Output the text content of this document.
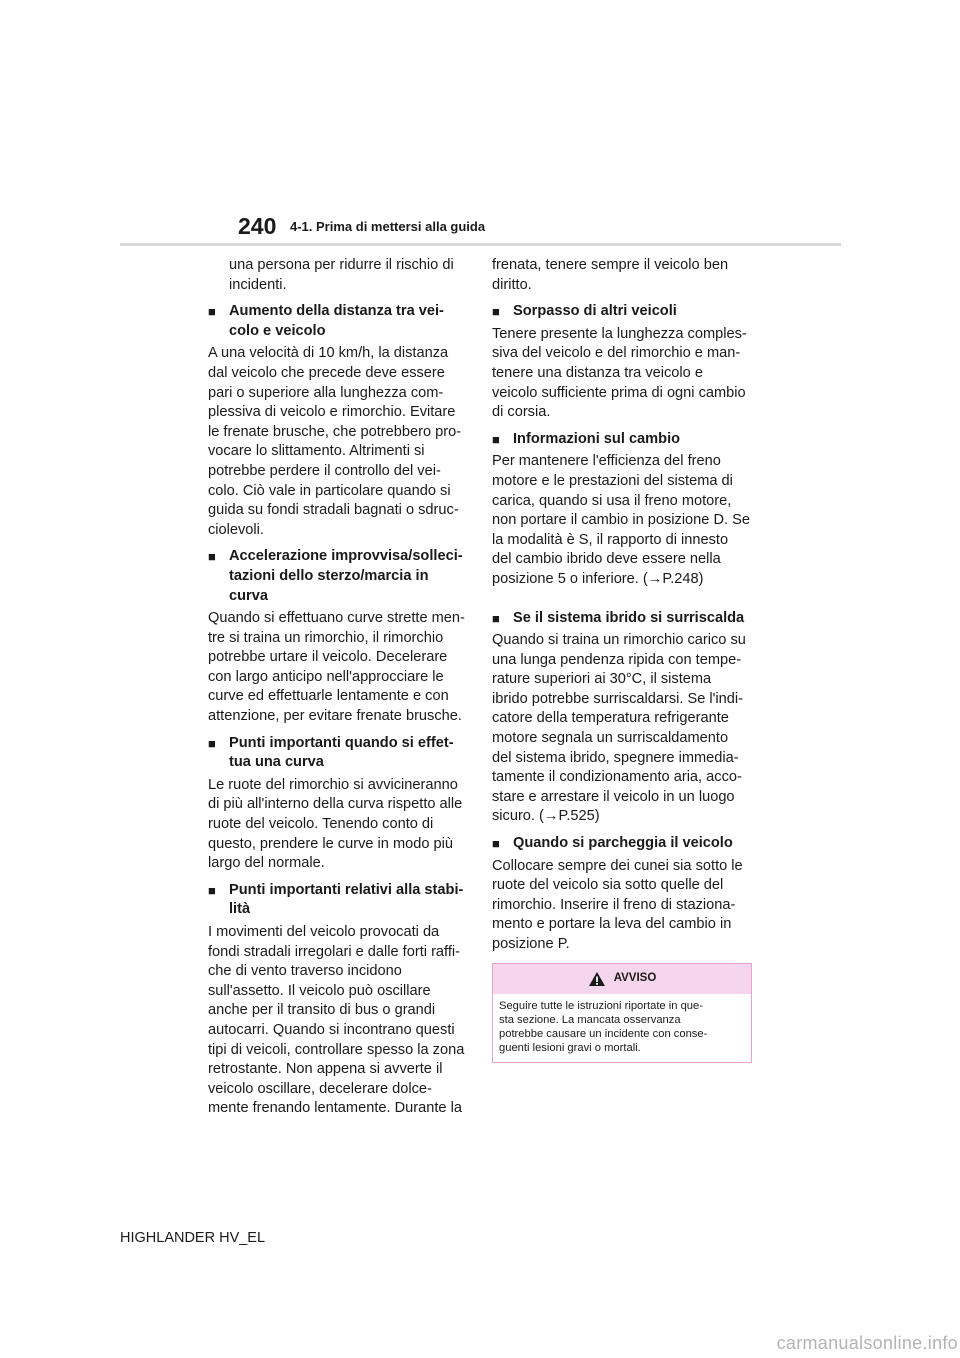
240 4-1. Prima di mettersi alla guida

una persona per ridurre il rischio di
incidenti.

■ Aumento della distanza tra vei-
colo e veicolo

A una velocità di 10 km/h, la distanza
dal veicolo che precede deve essere
pari o superiore alla lunghezza com-
plessiva di veicolo e rimorchio. Evitare
le frenate brusche, che potrebbero pro-
vocare lo slittamento. Altrimenti si
potrebbe perdere il controllo del vei-
colo. Ciò vale in particolare quando si
guida su fondi stradali bagnati o sdruc-
ciolevoli.

■ Accelerazione improvvisa/solleci-
tazioni dello sterzo/marcia in
curva

Quando si effettuano curve strette men-
tre si traina un rimorchio, il rimorchio
potrebbe urtare il veicolo. Decelerare
con largo anticipo nell'approcciare le
curve ed effettuarle lentamente e con
attenzione, per evitare frenate brusche.

■ Punti importanti quando si effet-
tua una curva

Le ruote del rimorchio si avvicineranno
di più all'interno della curva rispetto alle
ruote del veicolo. Tenendo conto di
questo, prendere le curve in modo più
largo del normale.

■ Punti importanti relativi alla stabi-
lità

I movimenti del veicolo provocati da
fondi stradali irregolari e dalle forti raffi-
che di vento traverso incidono
sull'assetto. Il veicolo può oscillare
anche per il transito di bus o grandi
autocarri. Quando si incontrano questi
tipi di veicoli, controllare spesso la zona
retrostante. Non appena si avverte il
veicolo oscillare, decelerare dolce-
mente frenando lentamente. Durante la

frenata, tenere sempre il veicolo ben
diritto.

■ Sorpasso di altri veicoli

Tenere presente la lunghezza comples-
siva del veicolo e del rimorchio e man-
tenere una distanza tra veicolo e
veicolo sufficiente prima di ogni cambio
di corsia.

■ Informazioni sul cambio

Per mantenere l'efficienza del freno
motore e le prestazioni del sistema di
carica, quando si usa il freno motore,
non portare il cambio in posizione D. Se
la modalità è S, il rapporto di innesto
del cambio ibrido deve essere nella
posizione 5 o inferiore. (→P.248)

■ Se il sistema ibrido si surriscalda

Quando si traina un rimorchio carico su
una lunga pendenza ripida con tempe-
rature superiori ai 30°C, il sistema
ibrido potrebbe surriscaldarsi. Se l'indi-
catore della temperatura refrigerante
motore segnala un surriscaldamento
del sistema ibrido, spegnere immedia-
tamente il condizionamento aria, acco-
stare e arrestare il veicolo in un luogo
sicuro. (→P.525)

■ Quando si parcheggia il veicolo

Collocare sempre dei cunei sia sotto le
ruote del veicolo sia sotto quelle del
rimorchio. Inserire il freno di staziona-
mento e portare la leva del cambio in
posizione P.

AVVISO
Seguire tutte le istruzioni riportate in que-
sta sezione. La mancata osservanza
potrebbe causare un incidente con conse-
guenti lesioni gravi o mortali.
HIGHLANDER HV_EL
carmanualsonline.info
